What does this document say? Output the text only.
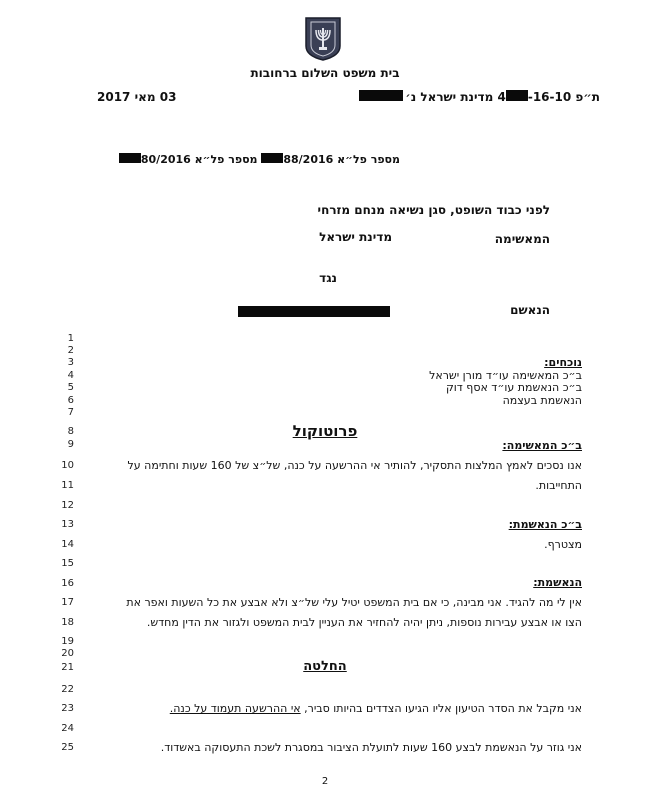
בית משפט השלום ברחובות
03 מאי 2017	ת״פ 16-10-4 מדינת ישראל נ׳
מספר פל״א 88/2016 מספר פל״א 80/2016
לפני כבוד השופט, סגן נשיאה מנחם מזרחי
המאשימה
מדינת ישראל
נגד
הנאשם
1
2
3
4
5
6
7
8
9
10
11
12
13
14
15
16
17
18
19
20
21
22
23
24
25
נוכחים:
ב״כ המאשימה עו״ד מורן ישראל
ב״כ הנאשמת עו״ד אסף דוק
הנאשמת בעצמה
פרוטוקול
ב״כ המאשימה:
אנו נסכים לאמץ המלצות התסקיר, להותיר אי ההרשעה על כנה, של״צ של 160 שעות וחתימה על
התחייבות.
ב״כ הנאשמת:
מצטרף.
הנאשמת:
אין לי מה להגיד. אני מבינה, כי אם בית המשפט יטיל עלי של״צ ולא אבצע את כל השעות ואפר את
הצו או אבצע עבירות נוספות, ניתן יהיה להחזיר את העניין לבית המשפט ולגזור את הדין מחדש.
החלטה
אני מקבל את הסדר הטיעון אליו הגיעו הצדדים בהיותו סביר, אי ההרשעה תעמוד על כנה.
אני גוזר על הנאשמת לבצע 160 שעות לתועלת הציבור במסגרת לשכת התעסוקה באשדוד.
2
